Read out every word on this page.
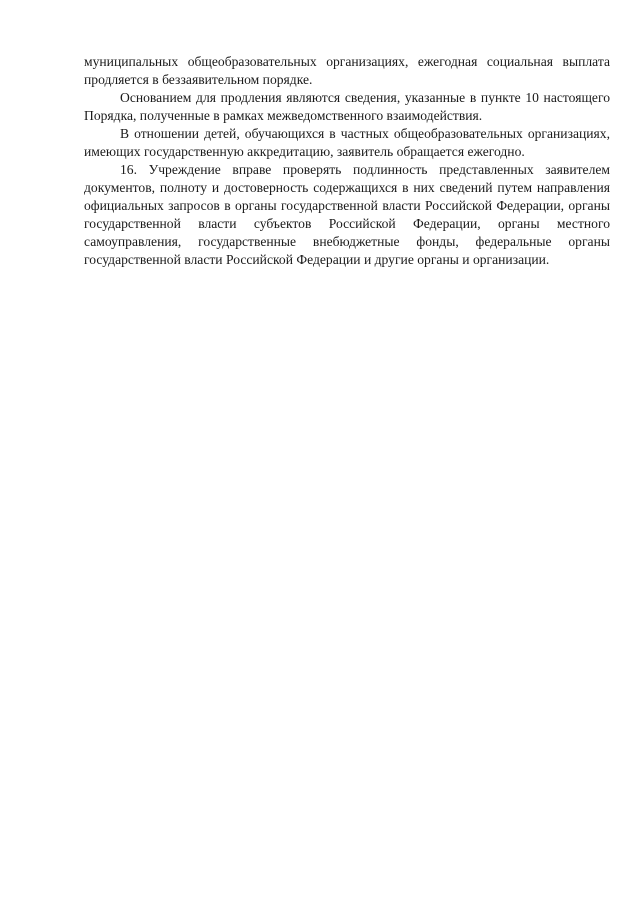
муниципальных общеобразовательных организациях, ежегодная социальная выплата продляется в беззаявительном порядке.

Основанием для продления являются сведения, указанные в пункте 10 настоящего Порядка, полученные в рамках межведомственного взаимодействия.

В отношении детей, обучающихся в частных общеобразовательных организациях, имеющих государственную аккредитацию, заявитель обращается ежегодно.

16. Учреждение вправе проверять подлинность представленных заявителем документов, полноту и достоверность содержащихся в них сведений путем направления официальных запросов в органы государственной власти Российской Федерации, органы государственной власти субъектов Российской Федерации, органы местного самоуправления, государственные внебюджетные фонды, федеральные органы государственной власти Российской Федерации и другие органы и организации.
